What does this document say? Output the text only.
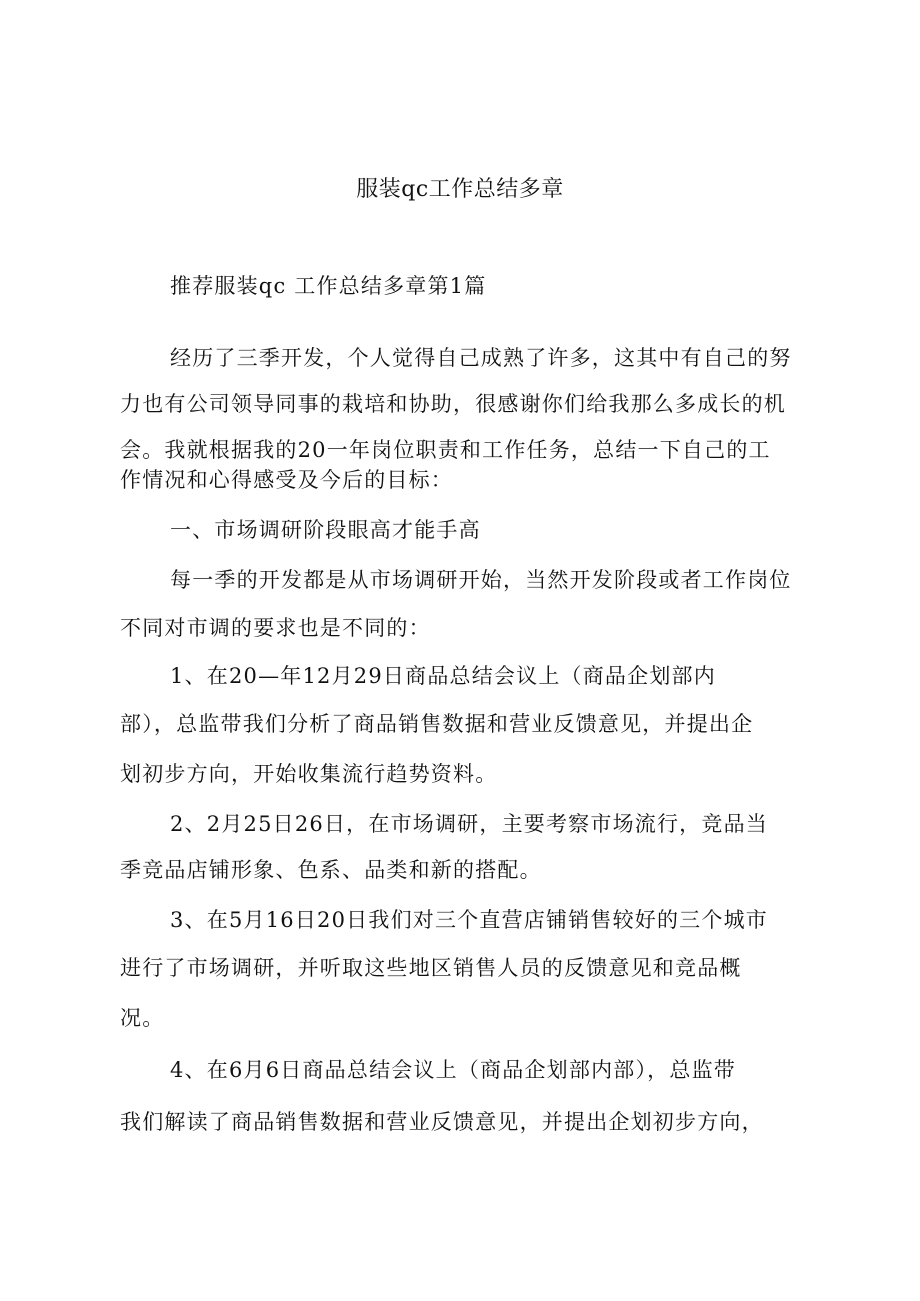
服装qc工作总结多章
推荐服装qc 工作总结多章第1篇
经历了三季开发，个人觉得自己成熟了许多，这其中有自己的努
力也有公司领导同事的栽培和协助，很感谢你们给我那么多成长的机
会。我就根据我的20一年岗位职责和工作任务，总结一下自己的工
作情况和心得感受及今后的目标：
一、市场调研阶段眼高才能手高
每一季的开发都是从市场调研开始，当然开发阶段或者工作岗位
不同对市调的要求也是不同的：
1、在20—年12月29日商品总结会议上（商品企划部内
部），总监带我们分析了商品销售数据和营业反馈意见，并提出企
划初步方向，开始收集流行趋势资料。
2、2月25日26日，在市场调研，主要考察市场流行，竞品当
季竞品店铺形象、色系、品类和新的搭配。
3、在5月16日20日我们对三个直营店铺销售较好的三个城市
进行了市场调研，并听取这些地区销售人员的反馈意见和竞品概
况。
4、在6月6日商品总结会议上（商品企划部内部），总监带
我们解读了商品销售数据和营业反馈意见，并提出企划初步方向，
